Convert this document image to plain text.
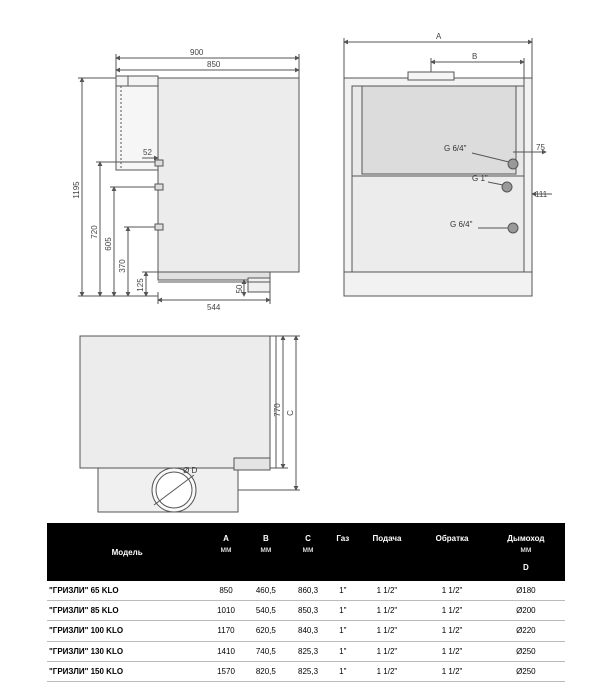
900
850
1195
720
605
370
125
52
544
50
A
B
75
111
G 6/4"
G 1"
G 6/4"
770 C
Ø D
Модель	A	B	C	Газ	Подача	Обратка	Дымоход
	мм	мм	мм				мм
							D
"ГРИЗЛИ" 65 KLO	850	460,5	860,3	1"	1 1/2"	1 1/2"	Ø180
"ГРИЗЛИ" 85 KLO	1010	540,5	850,3	1"	1 1/2"	1 1/2"	Ø200
"ГРИЗЛИ" 100 KLO	1170	620,5	840,3	1"	1 1/2"	1 1/2"	Ø220
"ГРИЗЛИ" 130 KLO	1410	740,5	825,3	1"	1 1/2"	1 1/2"	Ø250
"ГРИЗЛИ" 150 KLO	1570	820,5	825,3	1"	1 1/2"	1 1/2"	Ø250
